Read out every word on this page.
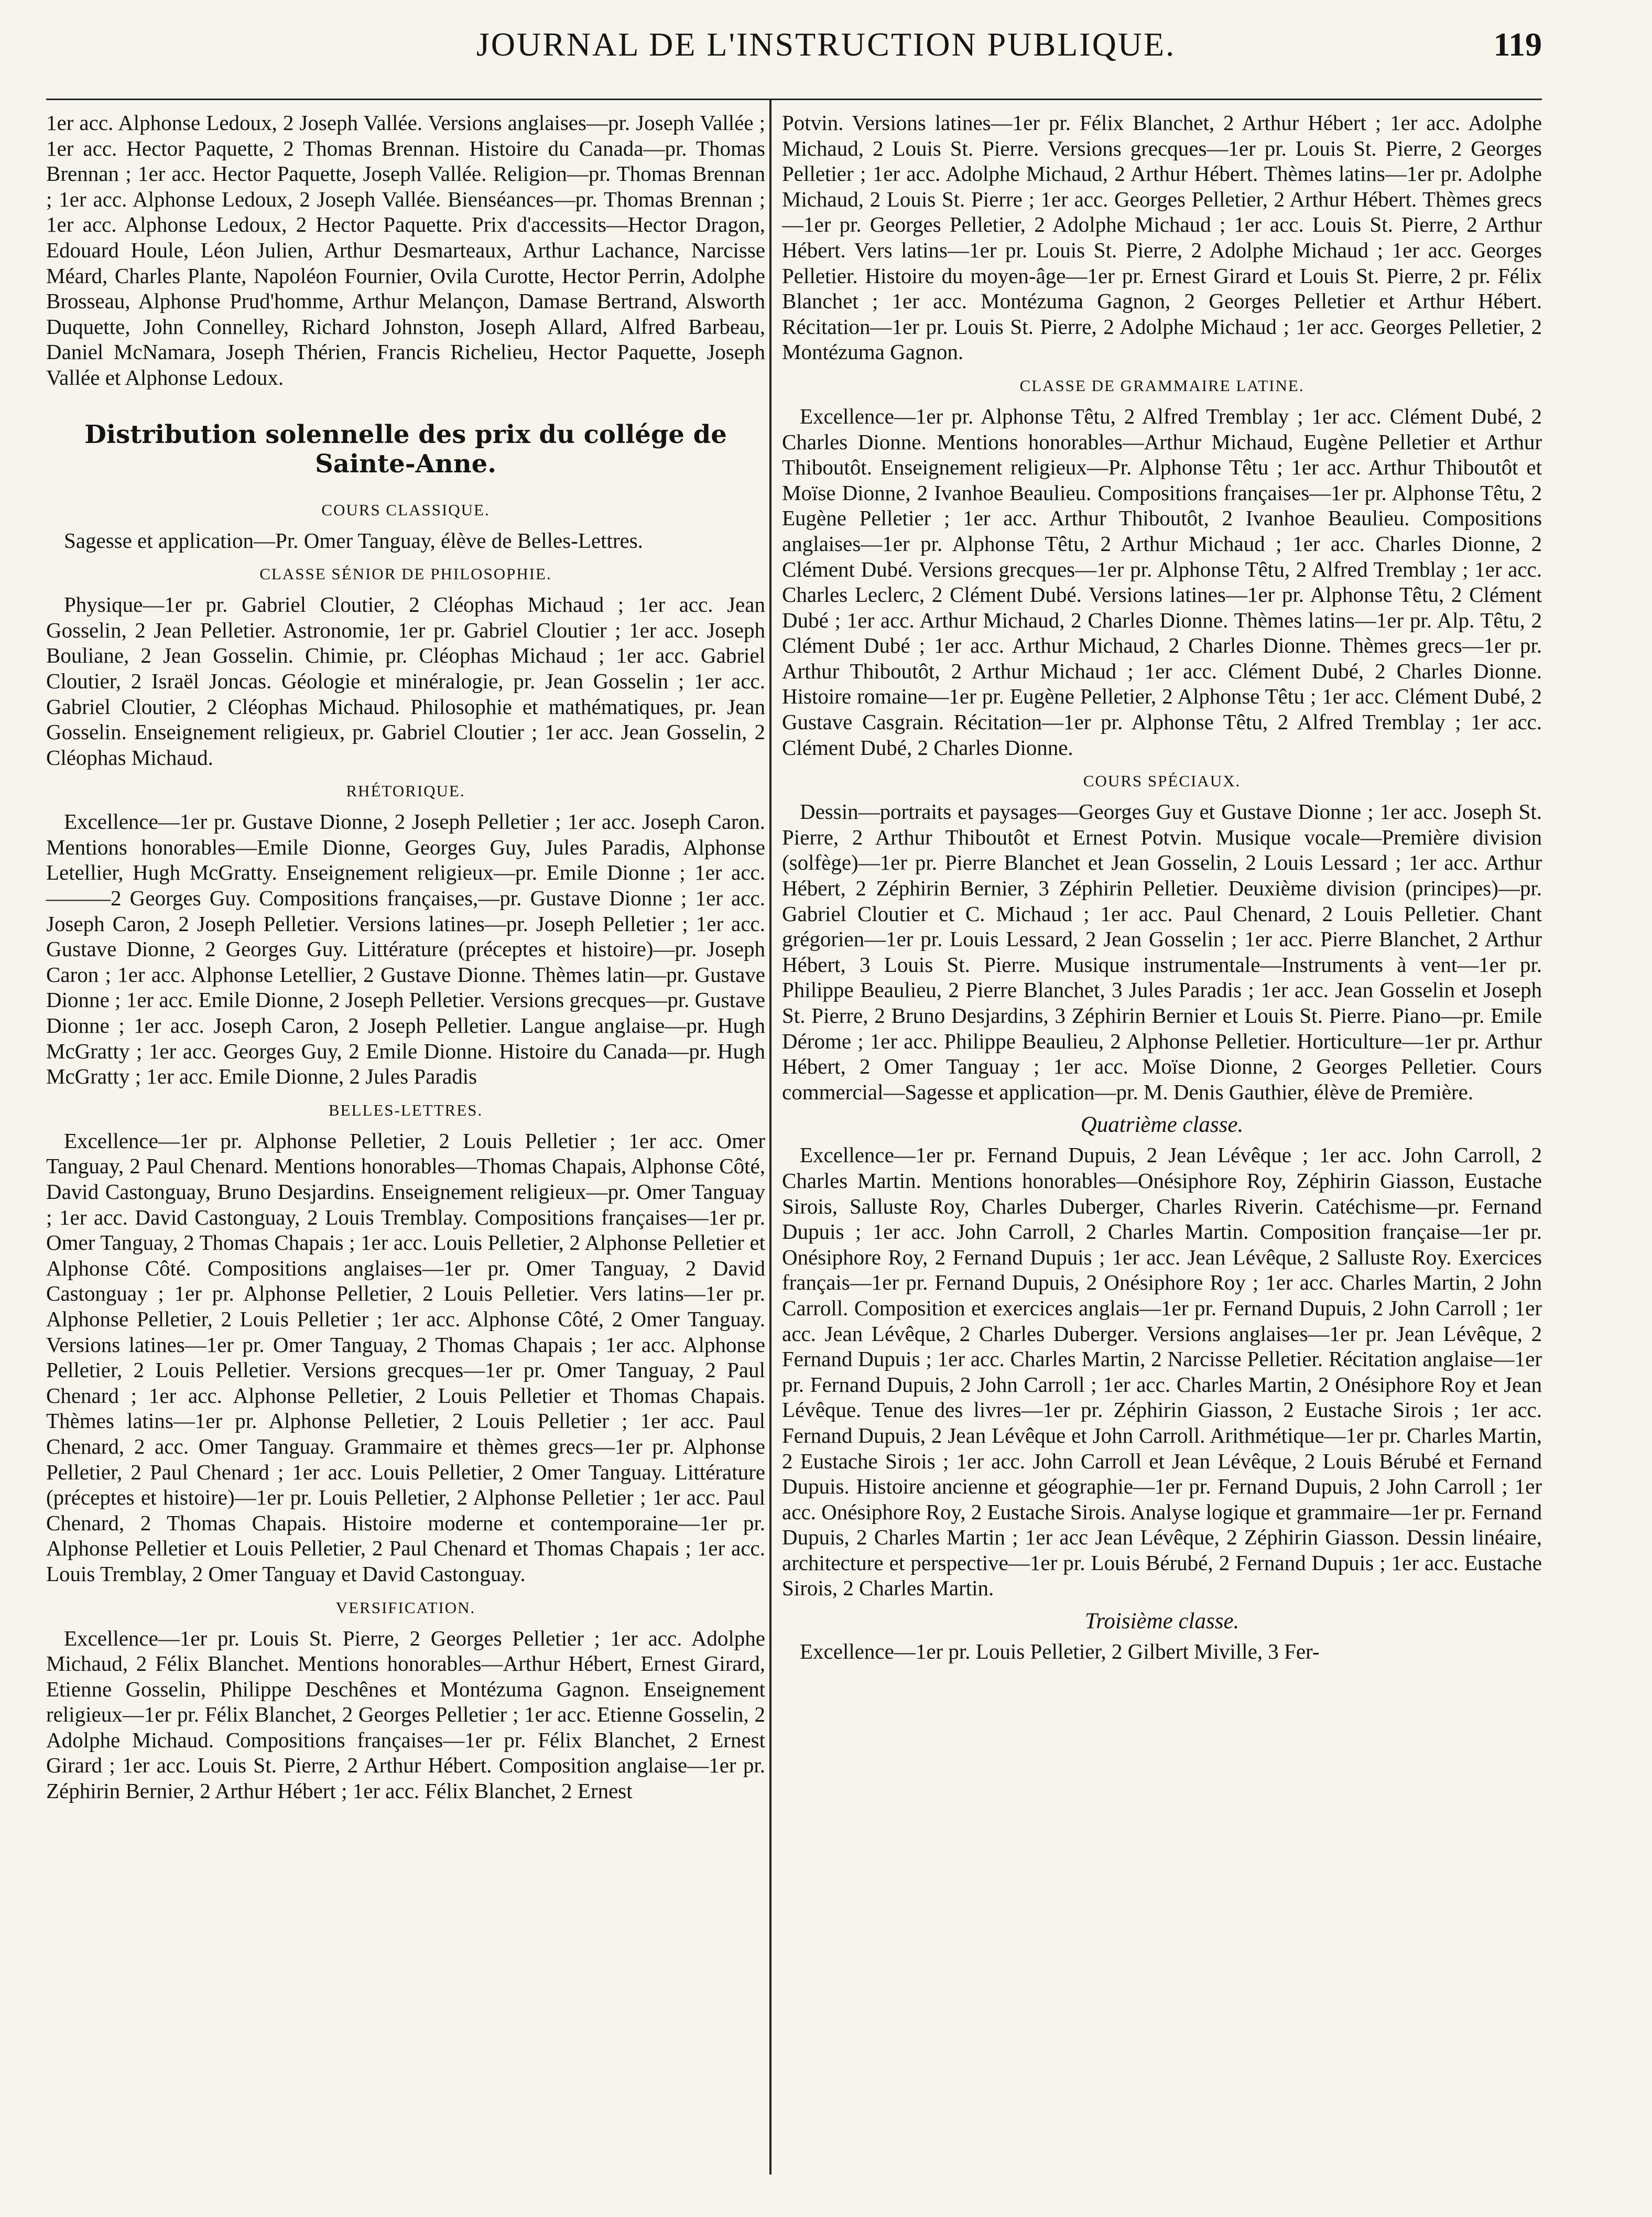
JOURNAL DE L'INSTRUCTION PUBLIQUE.	119

1er acc. Alphonse Ledoux, 2 Joseph Vallée. Versions anglaises—pr. Joseph Vallée ; 1er acc. Hector Paquette, 2 Thomas Brennan. Histoire du Canada—pr. Thomas Brennan ; 1er acc. Hector Paquette, Joseph Vallée. Religion—pr. Thomas Brennan ; 1er acc. Alphonse Ledoux, 2 Joseph Vallée. Bienséances—pr. Thomas Brennan ; 1er acc. Alphonse Ledoux, 2 Hector Paquette. Prix d'accessits—Hector Dragon, Edouard Houle, Léon Julien, Arthur Desmarteaux, Arthur Lachance, Narcisse Méard, Charles Plante, Napoléon Fournier, Ovila Curotte, Hector Perrin, Adolphe Brosseau, Alphonse Prud'homme, Arthur Melançon, Damase Bertrand, Alsworth Duquette, John Connelley, Richard Johnston, Joseph Allard, Alfred Barbeau, Daniel McNamara, Joseph Thérien, Francis Richelieu, Hector Paquette, Joseph Vallée et Alphonse Ledoux.

Distribution solennelle des prix du collége de Sainte-Anne.
COURS CLASSIQUE.

Sagesse et application—Pr. Omer Tanguay, élève de Belles-Lettres.

CLASSE SÉNIOR DE PHILOSOPHIE.

Physique—1er pr. Gabriel Cloutier, 2 Cléophas Michaud ; 1er acc. Jean Gosselin, 2 Jean Pelletier. Astronomie, 1er pr. Gabriel Cloutier ; 1er acc. Joseph Bouliane, 2 Jean Gosselin. Chimie, pr. Cléophas Michaud ; 1er acc. Gabriel Cloutier, 2 Israël Joncas. Géologie et minéralogie, pr. Jean Gosselin ; 1er acc. Gabriel Cloutier, 2 Cléophas Michaud. Philosophie et mathématiques, pr. Jean Gosselin. Enseignement religieux, pr. Gabriel Cloutier ; 1er acc. Jean Gosselin, 2 Cléophas Michaud.

RHÉTORIQUE.

Excellence—1er pr. Gustave Dionne, 2 Joseph Pelletier ; 1er acc. Joseph Caron. Mentions honorables—Emile Dionne, Georges Guy, Jules Paradis, Alphonse Letellier, Hugh McGratty. Enseignement religieux—pr. Emile Dionne ; 1er acc. ———2 Georges Guy. Compositions françaises,—pr. Gustave Dionne ; 1er acc. Joseph Caron, 2 Joseph Pelletier. Versions latines—pr. Joseph Pelletier ; 1er acc. Gustave Dionne, 2 Georges Guy. Littérature (préceptes et histoire)—pr. Joseph Caron ; 1er acc. Alphonse Letellier, 2 Gustave Dionne. Thèmes latin—pr. Gustave Dionne ; 1er acc. Emile Dionne, 2 Joseph Pelletier. Versions grecques—pr. Gustave Dionne ; 1er acc. Joseph Caron, 2 Joseph Pelletier. Langue anglaise—pr. Hugh McGratty ; 1er acc. Georges Guy, 2 Emile Dionne. Histoire du Canada—pr. Hugh McGratty ; 1er acc. Emile Dionne, 2 Jules Paradis

BELLES-LETTRES.

Excellence—1er pr. Alphonse Pelletier, 2 Louis Pelletier ; 1er acc. Omer Tanguay, 2 Paul Chenard. Mentions honorables—Thomas Chapais, Alphonse Côté, David Castonguay, Bruno Desjardins. Enseignement religieux—pr. Omer Tanguay ; 1er acc. David Castonguay, 2 Louis Tremblay. Compositions françaises—1er pr. Omer Tanguay, 2 Thomas Chapais ; 1er acc. Louis Pelletier, 2 Alphonse Pelletier et Alphonse Côté. Compositions anglaises—1er pr. Omer Tanguay, 2 David Castonguay ; 1er pr. Alphonse Pelletier, 2 Louis Pelletier. Vers latins—1er pr. Alphonse Pelletier, 2 Louis Pelletier ; 1er acc. Alphonse Côté, 2 Omer Tanguay. Versions latines—1er pr. Omer Tanguay, 2 Thomas Chapais ; 1er acc. Alphonse Pelletier, 2 Louis Pelletier. Versions grecques—1er pr. Omer Tanguay, 2 Paul Chenard ; 1er acc. Alphonse Pelletier, 2 Louis Pelletier et Thomas Chapais. Thèmes latins—1er pr. Alphonse Pelletier, 2 Louis Pelletier ; 1er acc. Paul Chenard, 2 acc. Omer Tanguay. Grammaire et thèmes grecs—1er pr. Alphonse Pelletier, 2 Paul Chenard ; 1er acc. Louis Pelletier, 2 Omer Tanguay. Littérature (préceptes et histoire)—1er pr. Louis Pelletier, 2 Alphonse Pelletier ; 1er acc. Paul Chenard, 2 Thomas Chapais. Histoire moderne et contemporaine—1er pr. Alphonse Pelletier et Louis Pelletier, 2 Paul Chenard et Thomas Chapais ; 1er acc. Louis Tremblay, 2 Omer Tanguay et David Castonguay.

VERSIFICATION.

Excellence—1er pr. Louis St. Pierre, 2 Georges Pelletier ; 1er acc. Adolphe Michaud, 2 Félix Blanchet. Mentions honorables—Arthur Hébert, Ernest Girard, Etienne Gosselin, Philippe Deschênes et Montézuma Gagnon. Enseignement religieux—1er pr. Félix Blanchet, 2 Georges Pelletier ; 1er acc. Etienne Gosselin, 2 Adolphe Michaud. Compositions françaises—1er pr. Félix Blanchet, 2 Ernest Girard ; 1er acc. Louis St. Pierre, 2 Arthur Hébert. Composition anglaise—1er pr. Zéphirin Bernier, 2 Arthur Hébert ; 1er acc. Félix Blanchet, 2 Ernest

Potvin. Versions latines—1er pr. Félix Blanchet, 2 Arthur Hébert ; 1er acc. Adolphe Michaud, 2 Louis St. Pierre. Versions grecques—1er pr. Louis St. Pierre, 2 Georges Pelletier ; 1er acc. Adolphe Michaud, 2 Arthur Hébert. Thèmes latins—1er pr. Adolphe Michaud, 2 Louis St. Pierre ; 1er acc. Georges Pelletier, 2 Arthur Hébert. Thèmes grecs—1er pr. Georges Pelletier, 2 Adolphe Michaud ; 1er acc. Louis St. Pierre, 2 Arthur Hébert. Vers latins—1er pr. Louis St. Pierre, 2 Adolphe Michaud ; 1er acc. Georges Pelletier. Histoire du moyen-âge—1er pr. Ernest Girard et Louis St. Pierre, 2 pr. Félix Blanchet ; 1er acc. Montézuma Gagnon, 2 Georges Pelletier et Arthur Hébert. Récitation—1er pr. Louis St. Pierre, 2 Adolphe Michaud ; 1er acc. Georges Pelletier, 2 Montézuma Gagnon.

CLASSE DE GRAMMAIRE LATINE.

Excellence—1er pr. Alphonse Têtu, 2 Alfred Tremblay ; 1er acc. Clément Dubé, 2 Charles Dionne. Mentions honorables—Arthur Michaud, Eugène Pelletier et Arthur Thiboutôt. Enseignement religieux—Pr. Alphonse Têtu ; 1er acc. Arthur Thiboutôt et Moïse Dionne, 2 Ivanhoe Beaulieu. Compositions françaises—1er pr. Alphonse Têtu, 2 Eugène Pelletier ; 1er acc. Arthur Thiboutôt, 2 Ivanhoe Beaulieu. Compositions anglaises—1er pr. Alphonse Têtu, 2 Arthur Michaud ; 1er acc. Charles Dionne, 2 Clément Dubé. Versions grecques—1er pr. Alphonse Têtu, 2 Alfred Tremblay ; 1er acc. Charles Leclerc, 2 Clément Dubé. Versions latines—1er pr. Alphonse Têtu, 2 Clément Dubé ; 1er acc. Arthur Michaud, 2 Charles Dionne. Thèmes latins—1er pr. Alp. Têtu, 2 Clément Dubé ; 1er acc. Arthur Michaud, 2 Charles Dionne. Thèmes grecs—1er pr. Arthur Thiboutôt, 2 Arthur Michaud ; 1er acc. Clément Dubé, 2 Charles Dionne. Histoire romaine—1er pr. Eugène Pelletier, 2 Alphonse Têtu ; 1er acc. Clément Dubé, 2 Gustave Casgrain. Récitation—1er pr. Alphonse Têtu, 2 Alfred Tremblay ; 1er acc. Clément Dubé, 2 Charles Dionne.

COURS SPÉCIAUX.

Dessin—portraits et paysages—Georges Guy et Gustave Dionne ; 1er acc. Joseph St. Pierre, 2 Arthur Thiboutôt et Ernest Potvin. Musique vocale—Première division (solfège)—1er pr. Pierre Blanchet et Jean Gosselin, 2 Louis Lessard ; 1er acc. Arthur Hébert, 2 Zéphirin Bernier, 3 Zéphirin Pelletier. Deuxième division (principes)—pr. Gabriel Cloutier et C. Michaud ; 1er acc. Paul Chenard, 2 Louis Pelletier. Chant grégorien—1er pr. Louis Lessard, 2 Jean Gosselin ; 1er acc. Pierre Blanchet, 2 Arthur Hébert, 3 Louis St. Pierre. Musique instrumentale—Instruments à vent—1er pr. Philippe Beaulieu, 2 Pierre Blanchet, 3 Jules Paradis ; 1er acc. Jean Gosselin et Joseph St. Pierre, 2 Bruno Desjardins, 3 Zéphirin Bernier et Louis St. Pierre. Piano—pr. Emile Dérome ; 1er acc. Philippe Beaulieu, 2 Alphonse Pelletier. Horticulture—1er pr. Arthur Hébert, 2 Omer Tanguay ; 1er acc. Moïse Dionne, 2 Georges Pelletier. Cours commercial—Sagesse et application—pr. M. Denis Gauthier, élève de Première.

Quatrième classe.

Excellence—1er pr. Fernand Dupuis, 2 Jean Lévêque ; 1er acc. John Carroll, 2 Charles Martin. Mentions honorables—Onésiphore Roy, Zéphirin Giasson, Eustache Sirois, Salluste Roy, Charles Duberger, Charles Riverin. Catéchisme—pr. Fernand Dupuis ; 1er acc. John Carroll, 2 Charles Martin. Composition française—1er pr. Onésiphore Roy, 2 Fernand Dupuis ; 1er acc. Jean Lévêque, 2 Salluste Roy. Exercices français—1er pr. Fernand Dupuis, 2 Onésiphore Roy ; 1er acc. Charles Martin, 2 John Carroll. Composition et exercices anglais—1er pr. Fernand Dupuis, 2 John Carroll ; 1er acc. Jean Lévêque, 2 Charles Duberger. Versions anglaises—1er pr. Jean Lévêque, 2 Fernand Dupuis ; 1er acc. Charles Martin, 2 Narcisse Pelletier. Récitation anglaise—1er pr. Fernand Dupuis, 2 John Carroll ; 1er acc. Charles Martin, 2 Onésiphore Roy et Jean Lévêque. Tenue des livres—1er pr. Zéphirin Giasson, 2 Eustache Sirois ; 1er acc. Fernand Dupuis, 2 Jean Lévêque et John Carroll. Arithmétique—1er pr. Charles Martin, 2 Eustache Sirois ; 1er acc. John Carroll et Jean Lévêque, 2 Louis Bérubé et Fernand Dupuis. Histoire ancienne et géographie—1er pr. Fernand Dupuis, 2 John Carroll ; 1er acc. Onésiphore Roy, 2 Eustache Sirois. Analyse logique et grammaire—1er pr. Fernand Dupuis, 2 Charles Martin ; 1er acc Jean Lévêque, 2 Zéphirin Giasson. Dessin linéaire, architecture et perspective—1er pr. Louis Bérubé, 2 Fernand Dupuis ; 1er acc. Eustache Sirois, 2 Charles Martin.

Troisième classe.

Excellence—1er pr. Louis Pelletier, 2 Gilbert Miville, 3 Fer-
